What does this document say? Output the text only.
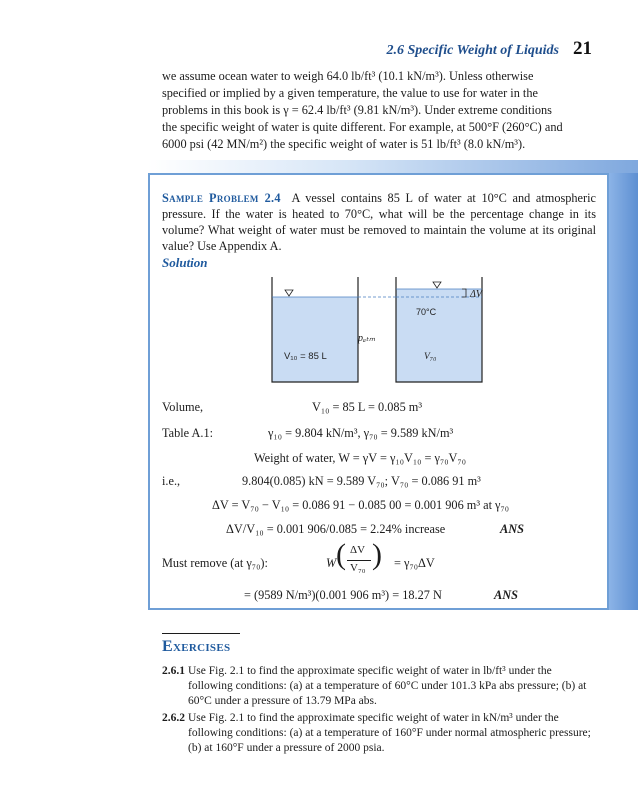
2.6 Specific Weight of Liquids 21

we assume ocean water to weigh 64.0 lb/ft³ (10.1 kN/m³). Unless otherwise

specified or implied by a given temperature, the value to use for water in the

problems in this book is γ = 62.4 lb/ft³ (9.81 kN/m³). Under extreme conditions

the specific weight of water is quite different. For example, at 500°F (260°C) and

6000 psi (42 MN/m²) the specific weight of water is 51 lb/ft³ (8.0 kN/m³).

Sample Problem 2.4 A vessel contains 85 L of water at 10°C and atmospheric pressure. If the water is heated to 70°C, what will be the percentage change in its volume? What weight of water must be removed to maintain the volume at its original value? Use Appendix A.
Solution
ΔV
70°C
pₐₜₘ
V₁₀ = 85 L	V₇₀
Volume,	V₁₀ = 85 L = 0.085 m³
Table A.1:	γ₁₀ = 9.804 kN/m³, γ₇₀ = 9.589 kN/m³
Weight of water, W = γV = γ₁₀V₁₀ = γ₇₀V₇₀
i.e.,	9.804(0.085) kN = 9.589 V₇₀; V₇₀ = 0.086 91 m³
ΔV = V₇₀ − V₁₀ = 0.086 91 − 0.085 00 = 0.001 906 m³ at γ₇₀
ΔV/V₁₀ = 0.001 906/0.085 = 2.24% increase	ANS
Must remove (at γ₇₀):	W ( ΔV
V₇₀ ) = γ₇₀ΔV
= (9589 N/m³)(0.001 906 m³) = 18.27 N	ANS
Exercises
2.6.1 Use Fig. 2.1 to find the approximate specific weight of water in lb/ft³ under the following conditions: (a) at a temperature of 60°C under 101.3 kPa abs pressure; (b) at 60°C under a pressure of 13.79 MPa abs.
2.6.2 Use Fig. 2.1 to find the approximate specific weight of water in kN/m³ under the following conditions: (a) at a temperature of 160°F under normal atmospheric pressure; (b) at 160°F under a pressure of 2000 psia.
